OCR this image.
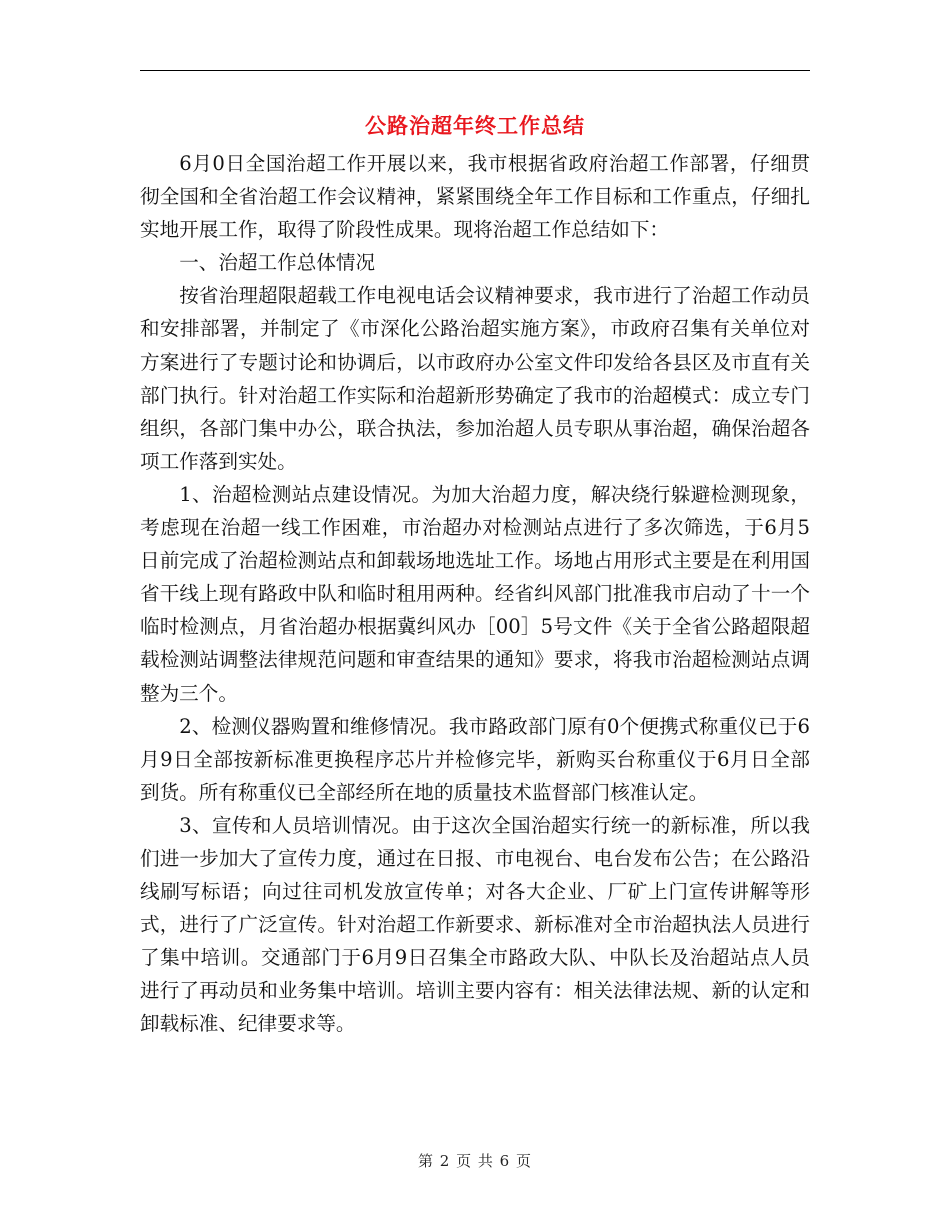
公路治超年终工作总结

6月0日全国治超工作开展以来，我市根据省政府治超工作部署，仔细贯彻全国和全省治超工作会议精神，紧紧围绕全年工作目标和工作重点，仔细扎实地开展工作，取得了阶段性成果。现将治超工作总结如下：

一、治超工作总体情况

按省治理超限超载工作电视电话会议精神要求，我市进行了治超工作动员和安排部署，并制定了《市深化公路治超实施方案》，市政府召集有关单位对方案进行了专题讨论和协调后，以市政府办公室文件印发给各县区及市直有关部门执行。针对治超工作实际和治超新形势确定了我市的治超模式：成立专门组织，各部门集中办公，联合执法，参加治超人员专职从事治超，确保治超各项工作落到实处。

1、治超检测站点建设情况。为加大治超力度，解决绕行躲避检测现象，考虑现在治超一线工作困难，市治超办对检测站点进行了多次筛选，于6月5日前完成了治超检测站点和卸载场地选址工作。场地占用形式主要是在利用国省干线上现有路政中队和临时租用两种。经省纠风部门批准我市启动了十一个临时检测点，月省治超办根据冀纠风办［00］5号文件《关于全省公路超限超载检测站调整法律规范问题和审查结果的通知》要求，将我市治超检测站点调整为三个。

2、检测仪器购置和维修情况。我市路政部门原有0个便携式称重仪已于6月9日全部按新标准更换程序芯片并检修完毕，新购买台称重仪于6月日全部到货。所有称重仪已全部经所在地的质量技术监督部门核准认定。

3、宣传和人员培训情况。由于这次全国治超实行统一的新标准，所以我们进一步加大了宣传力度，通过在日报、市电视台、电台发布公告；在公路沿线刷写标语；向过往司机发放宣传单；对各大企业、厂矿上门宣传讲解等形式，进行了广泛宣传。针对治超工作新要求、新标准对全市治超执法人员进行了集中培训。交通部门于6月9日召集全市路政大队、中队长及治超站点人员进行了再动员和业务集中培训。培训主要内容有：相关法律法规、新的认定和卸载标准、纪律要求等。

第 2 页 共 6 页
